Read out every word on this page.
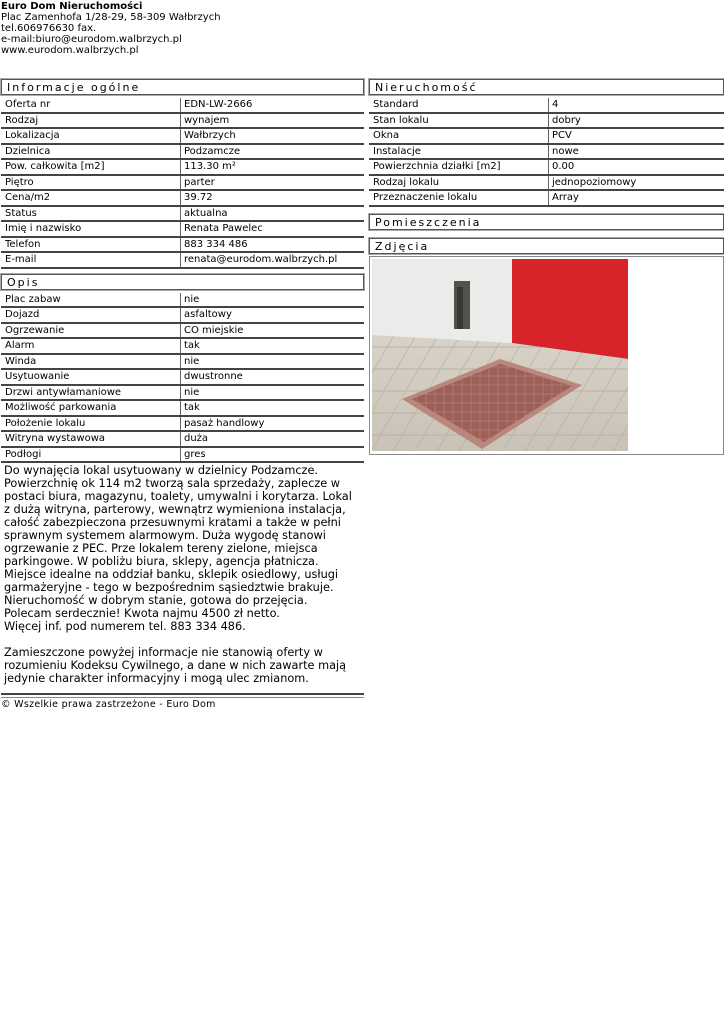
Euro Dom Nieruchomości
Plac Zamenhofa 1/28-29, 58-309 Wałbrzych
tel.606976630 fax.
e-mail:biuro@eurodom.walbrzych.pl
www.eurodom.walbrzych.pl
Informacje ogólne
Oferta nr	EDN-LW-2666
Rodzaj	wynajem
Lokalizacja	Wałbrzych
Dzielnica	Podzamcze
Pow. całkowita [m2]	113.30 m²
Piętro	parter
Cena/m2	39.72
Status	aktualna
Imię i nazwisko	Renata Pawelec
Telefon	883 334 486
E-mail	renata@eurodom.walbrzych.pl
Opis
Plac zabaw	nie
Dojazd	asfaltowy
Ogrzewanie	CO miejskie
Alarm	tak
Winda	nie
Usytuowanie	dwustronne
Drzwi antywłamaniowe	nie
Możliwość parkowania	tak
Położenie lokalu	pasaż handlowy
Witryna wystawowa	duża
Podłogi	gres
Do wynajęcia lokal usytuowany w dzielnicy Podzamcze.
Powierzchnię ok 114 m2 tworzą sala sprzedaży, zaplecze w
postaci biura, magazynu, toalety, umywalni i korytarza. Lokal
z dużą witryna, parterowy, wewnątrz wymieniona instalacja,
całość zabezpieczona przesuwnymi kratami a także w pełni
sprawnym systemem alarmowym. Duża wygodę stanowi
ogrzewanie z PEC. Prze lokalem tereny zielone, miejsca
parkingowe. W pobliżu biura, sklepy, agencja płatnicza.
Miejsce idealne na oddział banku, sklepik osiedlowy, usługi
garmażeryjne - tego w bezpośrednim sąsiedztwie brakuje.
Nieruchomość w dobrym stanie, gotowa do przejęcia.
Polecam serdecznie! Kwota najmu 4500 zł netto.
Więcej inf. pod numerem tel. 883 334 486.
Zamieszczone powyżej informacje nie stanowią oferty w
rozumieniu Kodeksu Cywilnego, a dane w nich zawarte mają
jedynie charakter informacyjny i mogą ulec zmianom.
Nieruchomość
Standard	4
Stan lokalu	dobry
Okna	PCV
Instalacje	nowe
Powierzchnia działki [m2]	0.00
Rodzaj lokalu	jednopoziomowy
Przeznaczenie lokalu	Array
Pomieszczenia
Zdjęcia
© Wszelkie prawa zastrzeżone - Euro Dom
